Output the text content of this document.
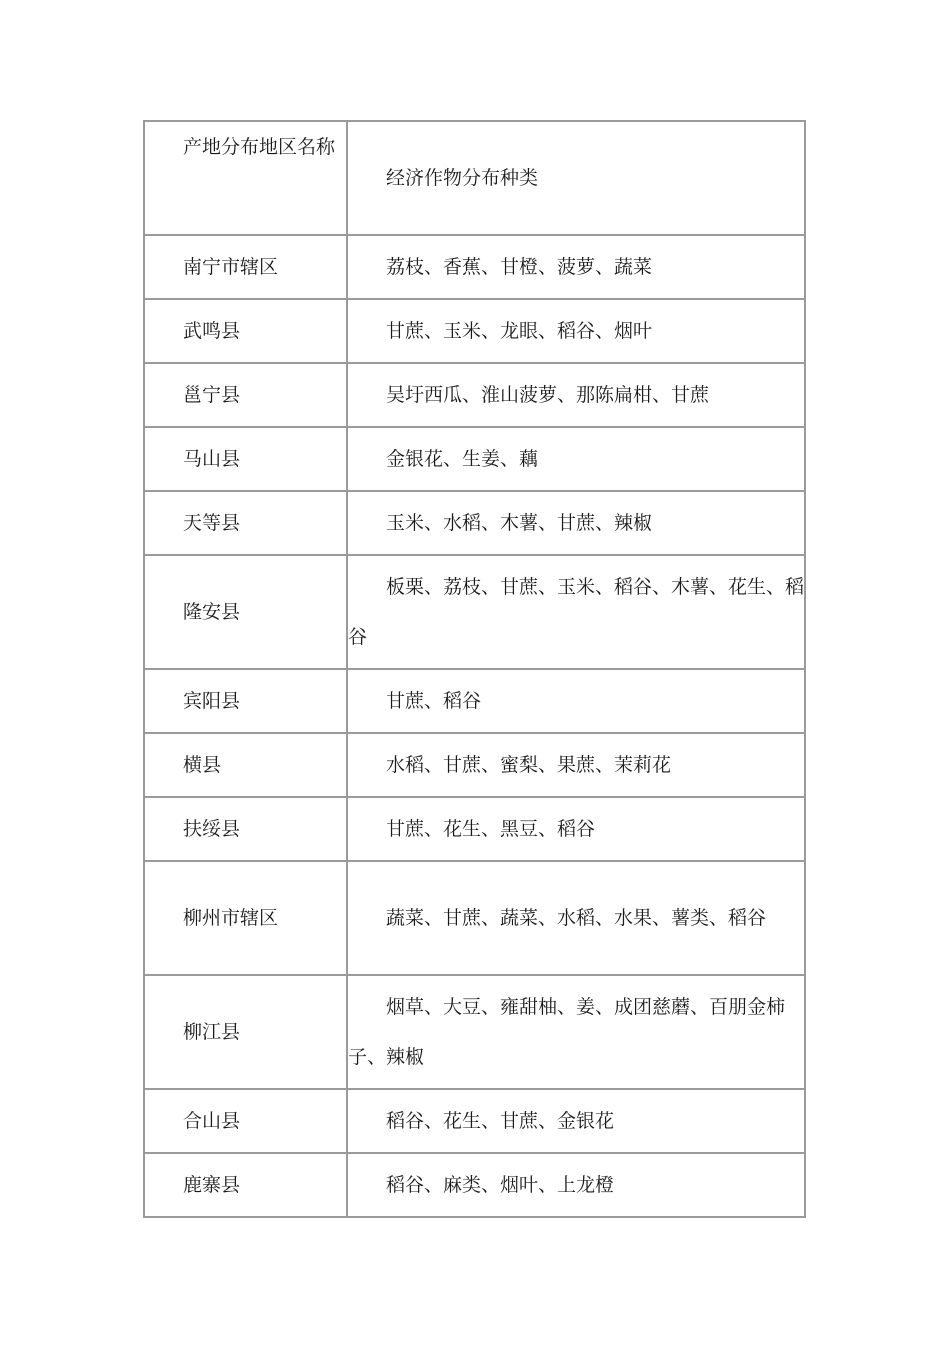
产地分布地区名称	经济作物分布种类

南宁市辖区	荔枝、香蕉、甘橙、菠萝、蔬菜

武鸣县	甘蔗、玉米、龙眼、稻谷、烟叶

邕宁县	吴圩西瓜、淮山菠萝、那陈扁柑、甘蔗

马山县	金银花、生姜、藕

天等县	玉米、水稻、木薯、甘蔗、辣椒

隆安县	板栗、荔枝、甘蔗、玉米、稻谷、木薯、花生、稻谷

宾阳县	甘蔗、稻谷

横县	水稻、甘蔗、蜜梨、果蔗、茉莉花

扶绥县	甘蔗、花生、黑豆、稻谷

柳州市辖区	蔬菜、甘蔗、蔬菜、水稻、水果、薯类、稻谷

柳江县	烟草、大豆、雍甜柚、姜、成团慈蘑、百朋金柿子、辣椒

合山县	稻谷、花生、甘蔗、金银花

鹿寨县	稻谷、麻类、烟叶、上龙橙
